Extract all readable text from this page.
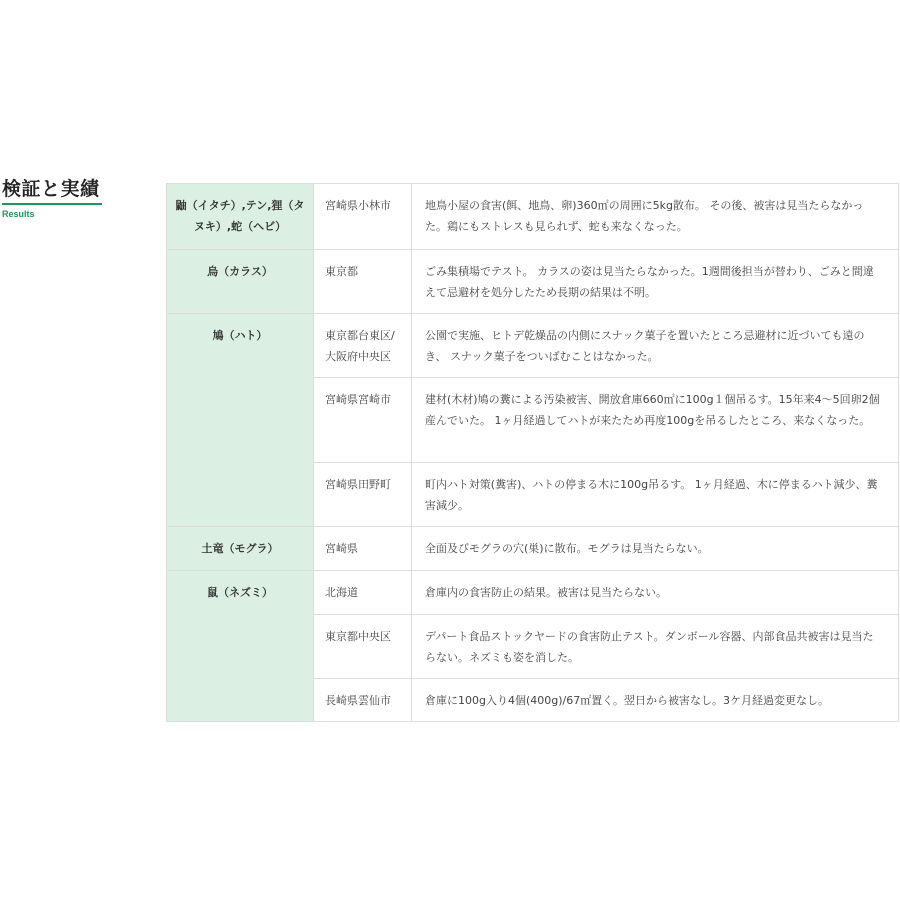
検証と実績
Results
鼬（イタチ）,テン,狸（タヌキ）,蛇（ヘビ）	宮崎県小林市	地鳥小屋の食害(餌、地鳥、卵)360㎡の周囲に5kg散布。 その後、被害は見当たらなかった。鶏にもストレスも見られず、蛇も来なくなった。
烏（カラス）	東京都	ごみ集積場でテスト。 カラスの姿は見当たらなかった。1週間後担当が替わり、ごみと間違えて忌避材を処分したため長期の結果は不明。
鳩（ハト）	東京都台東区/大阪府中央区	公園で実施、ヒトデ乾燥品の内側にスナック菓子を置いたところ忌避材に近づいても遠のき、 スナック菓子をついばむことはなかった。
	宮崎県宮崎市	建材(木材)鳩の糞による汚染被害、開放倉庫660㎡に100g１個吊るす。15年来4～5回卵2個産んでいた。 1ヶ月経過してハトが来たため再度100gを吊るしたところ、来なくなった。
	宮崎県田野町	町内ハト対策(糞害)、ハトの停まる木に100g吊るす。 1ヶ月経過、木に停まるハト減少、糞害減少。
土竜（モグラ）	宮崎県	全面及びモグラの穴(巣)に散布。モグラは見当たらない。
鼠（ネズミ）	北海道	倉庫内の食害防止の結果。被害は見当たらない。
	東京都中央区	デパート食品ストックヤードの食害防止テスト。ダンボール容器、内部食品共被害は見当たらない。ネズミも姿を消した。
	長崎県雲仙市	倉庫に100g入り4個(400g)/67㎡置く。翌日から被害なし。3ケ月経過変更なし。
